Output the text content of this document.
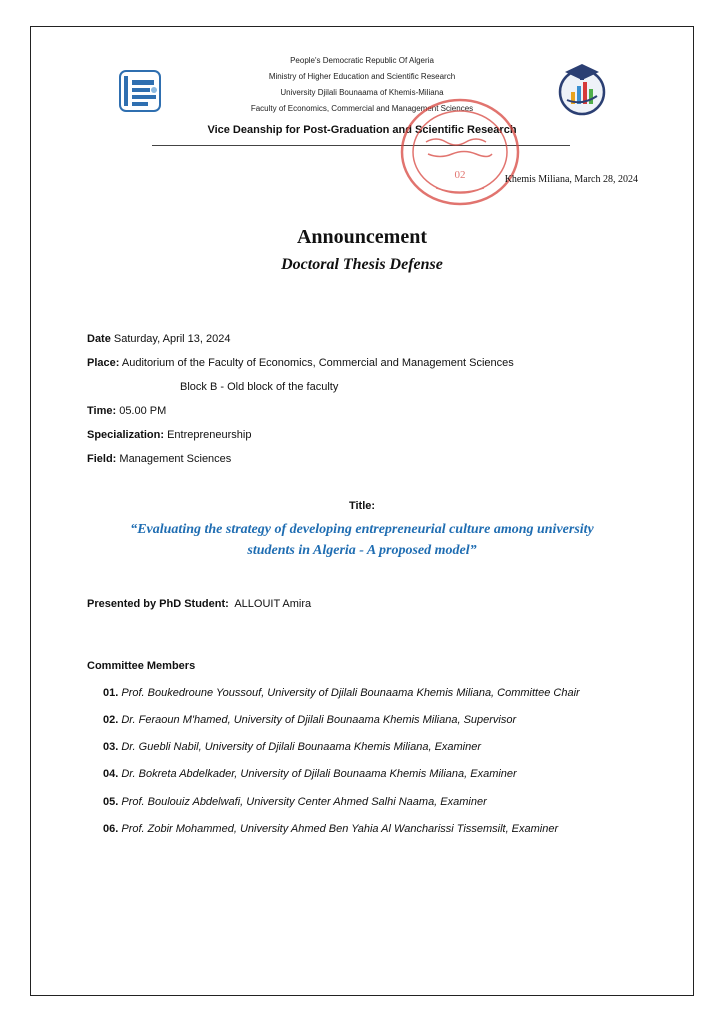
People's Democratic Republic Of Algeria
Ministry of Higher Education and Scientific Research
University Djilali Bounaama of Khemis-Miliana
Faculty of Economics, Commercial and Management Sciences
Vice Deanship for Post-Graduation and Scientific Research
02	Khemis Miliana, March 28, 2024
Announcement
Doctoral Thesis Defense
Date Saturday, April 13, 2024
Place: Auditorium of the Faculty of Economics, Commercial and Management Sciences
Block B - Old block of the faculty
Time: 05.00 PM
Specialization: Entrepreneurship
Field: Management Sciences
Title:
“Evaluating the strategy of developing entrepreneurial culture among university
students in Algeria - A proposed model”
Presented by PhD Student: ALLOUIT Amira
Committee Members
01. Prof. Boukedroune Youssouf, University of Djilali Bounaama Khemis Miliana, Committee Chair
02. Dr. Feraoun M'hamed, University of Djilali Bounaama Khemis Miliana, Supervisor
03. Dr. Guebli Nabil, University of Djilali Bounaama Khemis Miliana, Examiner
04. Dr. Bokreta Abdelkader, University of Djilali Bounaama Khemis Miliana, Examiner
05. Prof. Boulouiz Abdelwafi, University Center Ahmed Salhi Naama, Examiner
06. Prof. Zobir Mohammed, University Ahmed Ben Yahia Al Wancharissi Tissemsilt, Examiner
